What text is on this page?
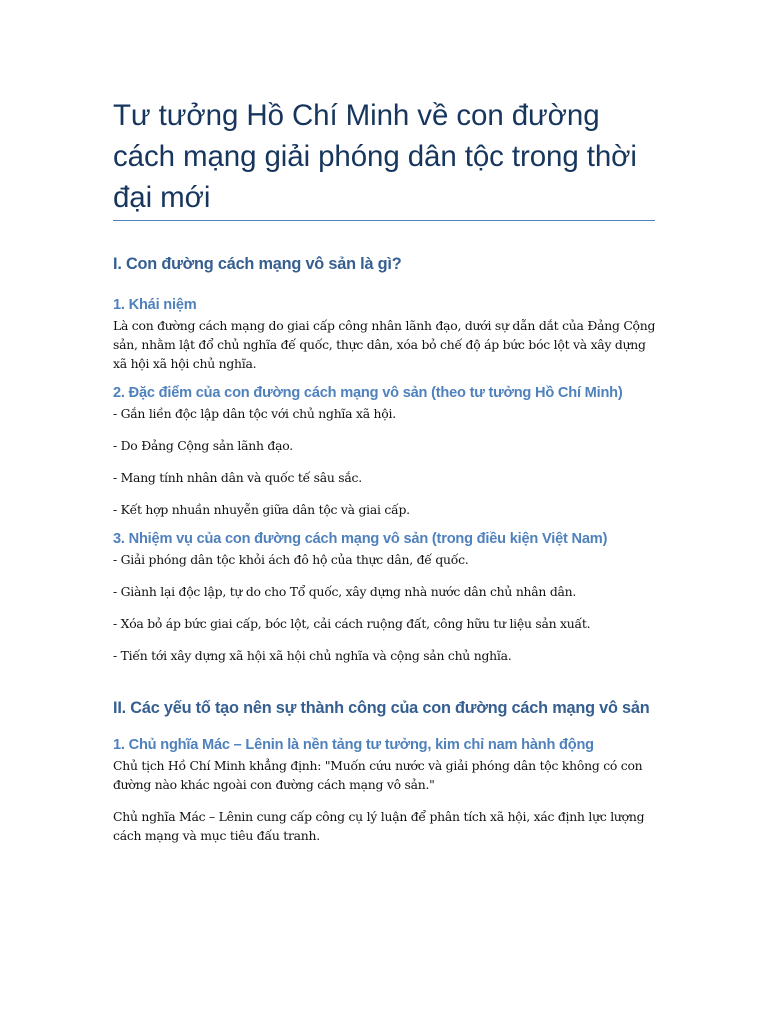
Tư tưởng Hồ Chí Minh về con đường cách mạng giải phóng dân tộc trong thời đại mới
I. Con đường cách mạng vô sản là gì?
1. Khái niệm

Là con đường cách mạng do giai cấp công nhân lãnh đạo, dưới sự dẫn dắt của Đảng Cộng sản, nhằm lật đổ chủ nghĩa đế quốc, thực dân, xóa bỏ chế độ áp bức bóc lột và xây dựng xã hội xã hội chủ nghĩa.

2. Đặc điểm của con đường cách mạng vô sản (theo tư tưởng Hồ Chí Minh)

- Gắn liền độc lập dân tộc với chủ nghĩa xã hội.

- Do Đảng Cộng sản lãnh đạo.

- Mang tính nhân dân và quốc tế sâu sắc.

- Kết hợp nhuần nhuyễn giữa dân tộc và giai cấp.

3. Nhiệm vụ của con đường cách mạng vô sản (trong điều kiện Việt Nam)

- Giải phóng dân tộc khỏi ách đô hộ của thực dân, đế quốc.

- Giành lại độc lập, tự do cho Tổ quốc, xây dựng nhà nước dân chủ nhân dân.

- Xóa bỏ áp bức giai cấp, bóc lột, cải cách ruộng đất, công hữu tư liệu sản xuất.

- Tiến tới xây dựng xã hội xã hội chủ nghĩa và cộng sản chủ nghĩa.

II. Các yếu tố tạo nên sự thành công của con đường cách mạng vô sản
1. Chủ nghĩa Mác – Lênin là nền tảng tư tưởng, kim chỉ nam hành động

Chủ tịch Hồ Chí Minh khẳng định: "Muốn cứu nước và giải phóng dân tộc không có con đường nào khác ngoài con đường cách mạng vô sản."

Chủ nghĩa Mác – Lênin cung cấp công cụ lý luận để phân tích xã hội, xác định lực lượng cách mạng và mục tiêu đấu tranh.
